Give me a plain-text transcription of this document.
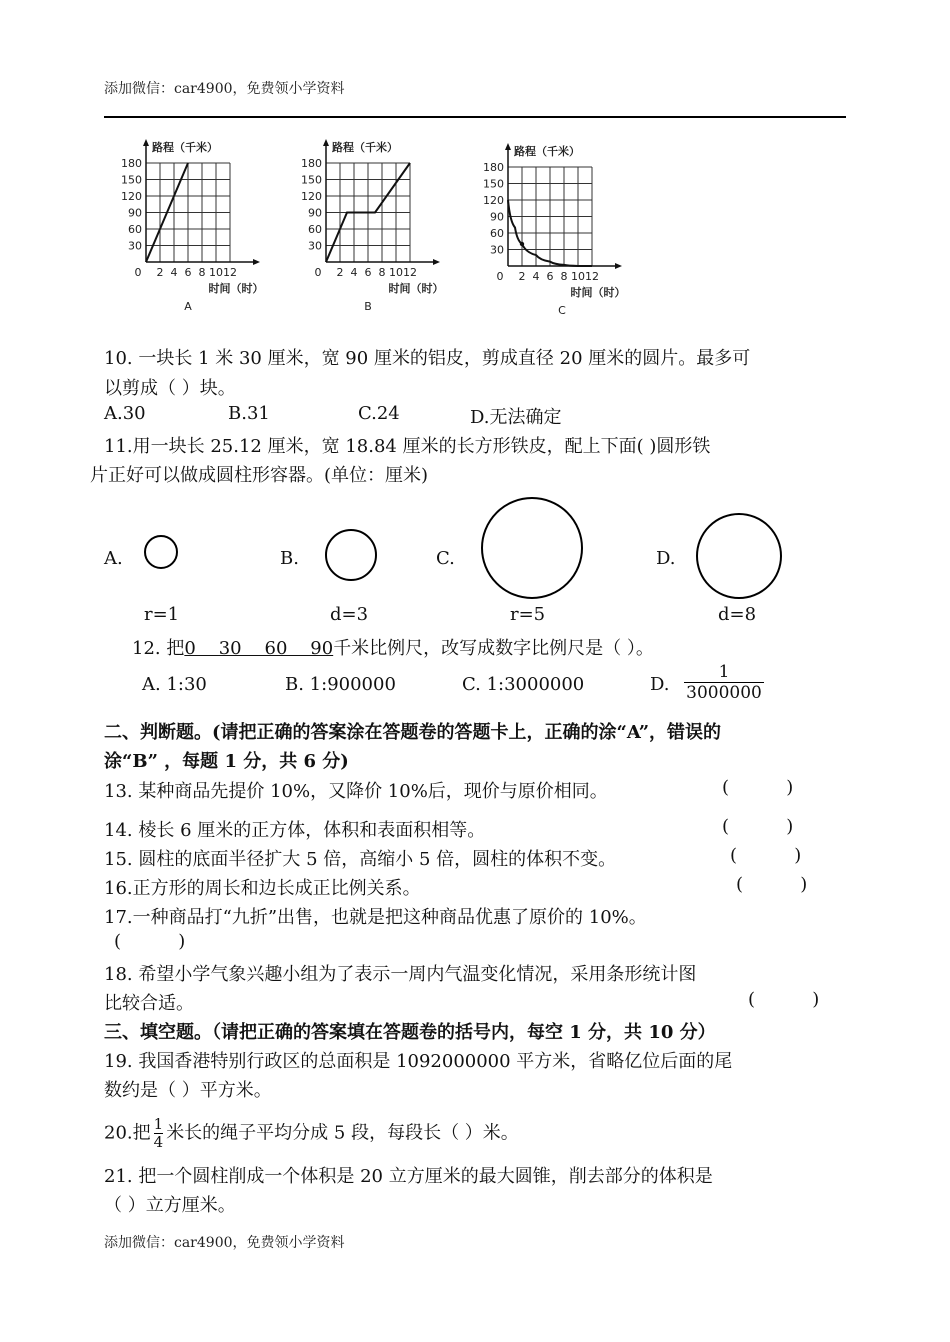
添加微信：car4900，免费领小学资料
路程（千米）
180
150
120
90
60
30
0 2 4 6 8 10 12
时间（时）
A
路程（千米）
180
150
120
90
60
30
0 2 4 6 8 10 12
时间（时）
B
路程（千米）
180
150
120
90
60
30
0 2 4 6 8 10 12
时间（时）
C
10. 一块长 1 米 30 厘米，宽 90 厘米的铝皮，剪成直径 20 厘米的圆片。最多可
以剪成（ ）块。
A.30	B.31	C.24	D.无法确定
11.用一块长 25.12 厘米，宽 18.84 厘米的长方形铁皮，配上下面( )圆形铁
片正好可以做成圆柱形容器。(单位：厘米)
A.
r=1
B.
d=3
C.
r=5
D.
d=8
12. 把0    30    60    90千米比例尺，改写成数字比例尺是（ ）。
A. 1:30	B. 1:900000	C. 1:3000000	D. $\frac{1}{3000000}$
二、判断题。(请把正确的答案涂在答题卷的答题卡上，正确的涂“A”，错误的
涂“B” ，每题 1 分，共 6 分)
13. 某种商品先提价 10%，又降价 10%后，现价与原价相同。	(          )
14. 棱长 6 厘米的正方体，体积和表面积相等。	(          )
15. 圆柱的底面半径扩大 5 倍，高缩小 5 倍，圆柱的体积不变。	(          )
16.正方形的周长和边长成正比例关系。	(          )
17.一种商品打“九折”出售，也就是把这种商品优惠了原价的 10%。
(          )
18. 希望小学气象兴趣小组为了表示一周内气温变化情况，采用条形统计图
比较合适。	(          )
三、填空题。（请把正确的答案填在答题卷的括号内，每空 1 分，共 10 分）
19. 我国香港特别行政区的总面积是 1092000000 平方米，省略亿位后面的尾
数约是（ ）平方米。
20.把 $\frac{1}{4}$ 米长的绳子平均分成 5 段，每段长（ ）米。
21. 把一个圆柱削成一个体积是 20 立方厘米的最大圆锥，削去部分的体积是
（ ）立方厘米。
添加微信：car4900，免费领小学资料
